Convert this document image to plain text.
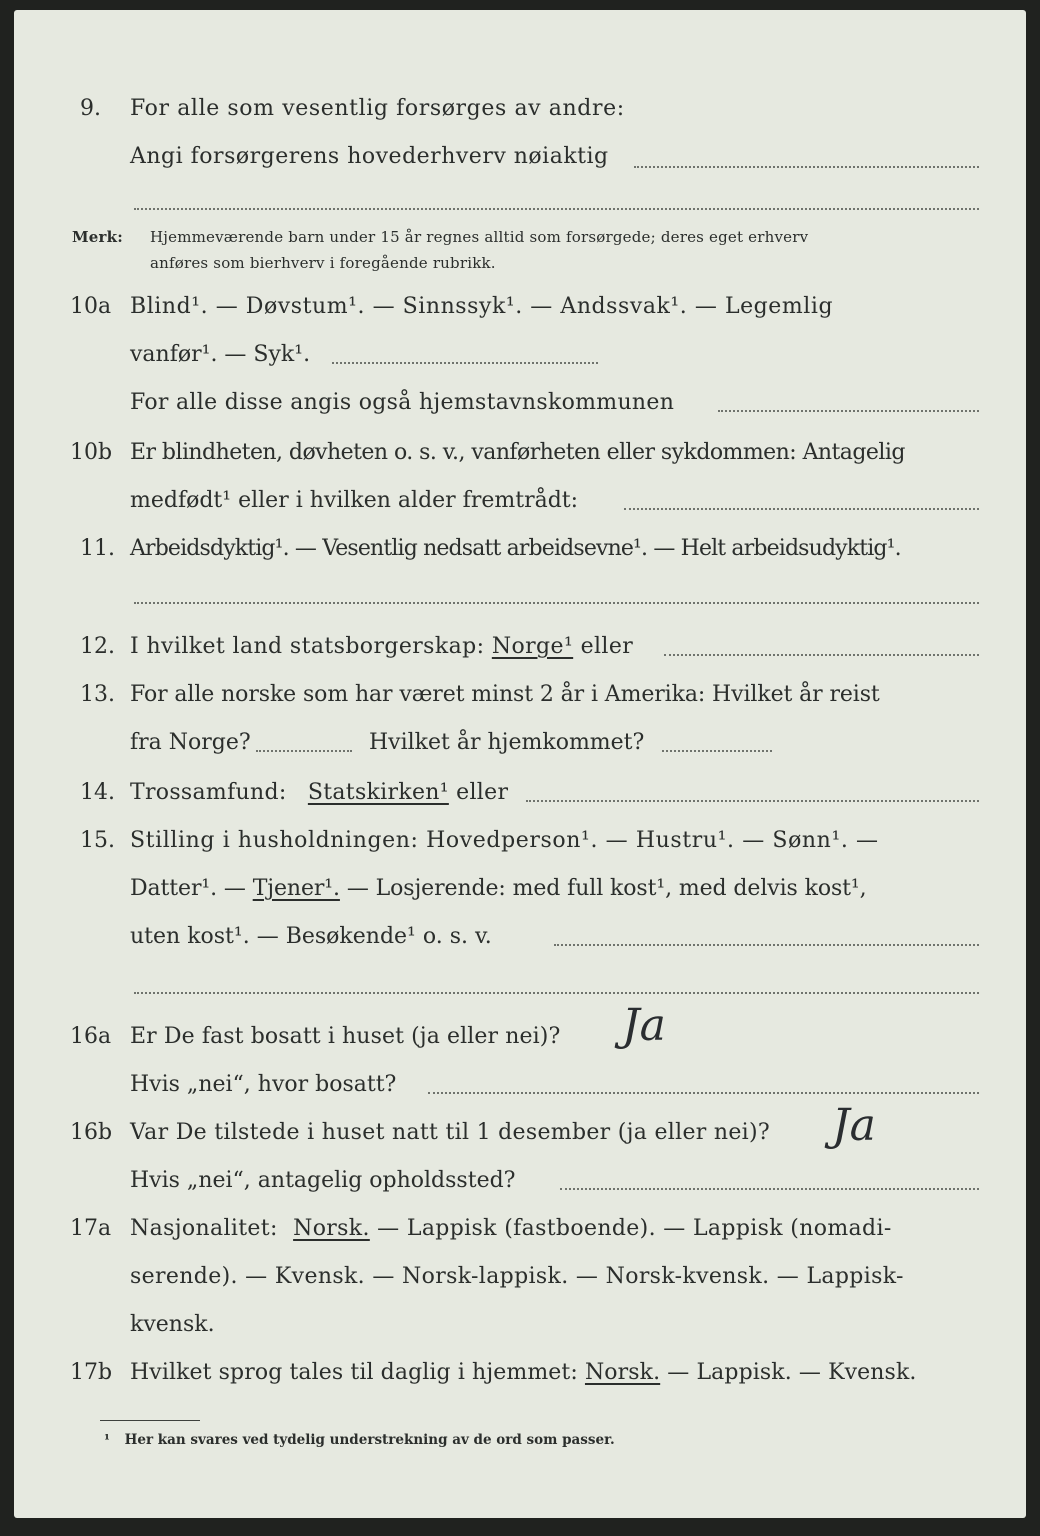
9. For alle som vesentlig forsørges av andre:
Angi forsørgerens hovederhverv nøiaktig
Merk: Hjemmeværende barn under 15 år regnes alltid som forsørgede; deres eget erhverv
anføres som bierhverv i foregående rubrikk.
10a Blind¹. — Døvstum¹. — Sinnssyk¹. — Andssvak¹. — Legemlig
vanfør¹. — Syk¹.
For alle disse angis også hjemstavnskommunen
10b Er blindheten, døvheten o. s. v., vanførheten eller sykdommen: Antagelig
medfødt¹ eller i hvilken alder fremtrådt:
11. Arbeidsdyktig¹. — Vesentlig nedsatt arbeidsevne¹. — Helt arbeidsudyktig¹.
12. I hvilket land statsborgerskap: Norge¹ eller
13. For alle norske som har været minst 2 år i Amerika: Hvilket år reist
fra Norge?	Hvilket år hjemkommet?
14. Trossamfund: Statskirken¹ eller
15. Stilling i husholdningen: Hovedperson¹. — Hustru¹. — Sønn¹. —
Datter¹. — Tjener¹. — Losjerende: med full kost¹, med delvis kost¹,
uten kost¹. — Besøkende¹ o. s. v.
16a Er De fast bosatt i huset (ja eller nei)? Ja
Hvis „nei“, hvor bosatt?
16b Var De tilstede i huset natt til 1 desember (ja eller nei)? Ja
Hvis „nei“, antagelig opholdssted?
17a Nasjonalitet: Norsk. — Lappisk (fastboende). — Lappisk (nomadi-
serende). — Kvensk. — Norsk-lappisk. — Norsk-kvensk. — Lappisk-
kvensk.
17b Hvilket sprog tales til daglig i hjemmet: Norsk. — Lappisk. — Kvensk.
¹ Her kan svares ved tydelig understrekning av de ord som passer.
